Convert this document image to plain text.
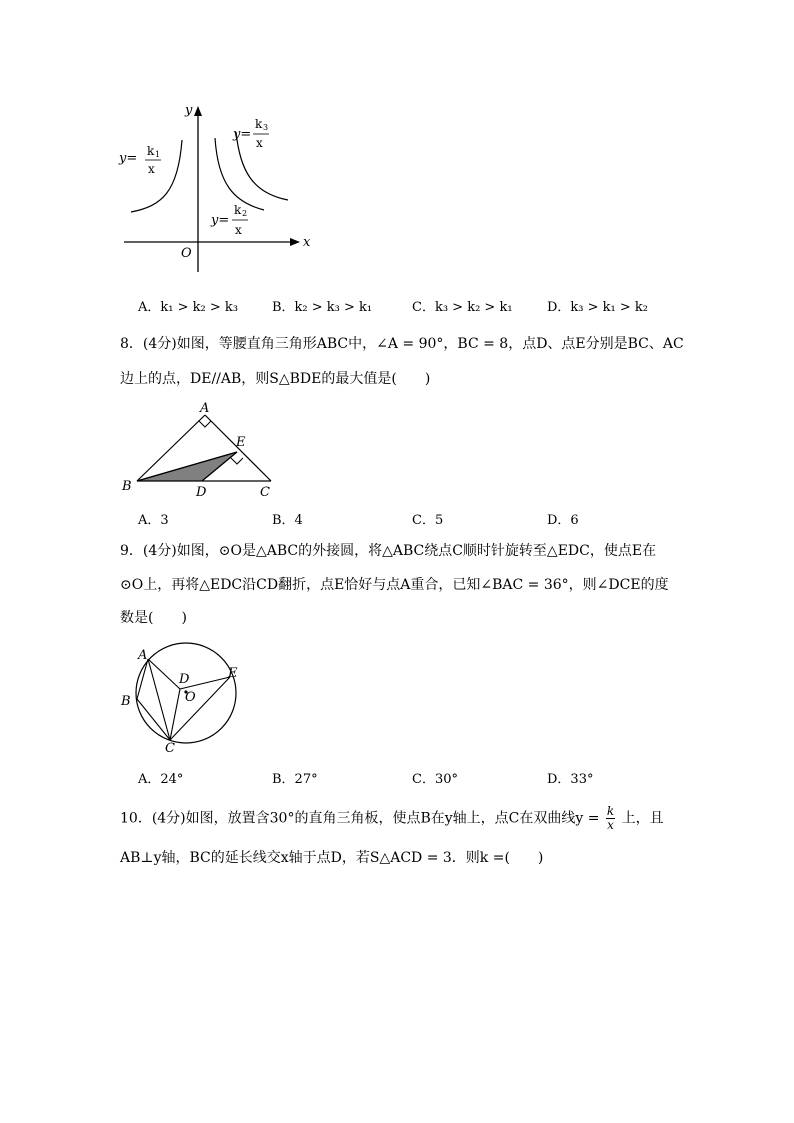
y
x
O
y= k 1
x
y=
k 3
x
y=
k 2
x
A．k₁ > k₂ > k₃	B．k₂ > k₃ > k₁	C．k₃ > k₂ > k₁	D．k₃ > k₁ > k₂
8．(4分)如图，等腰直角三角形ABC中，∠A = 90°，BC = 8，点D、点E分别是BC、AC
边上的点，DE//AB，则S△BDE的最大值是(　　)
A
B	C
D
E
A．3	B．4	C．5	D．6
9．(4分)如图，⊙O是△ABC的外接圆，将△ABC绕点C顺时针旋转至△EDC，使点E在
⊙O上，再将△EDC沿CD翻折，点E恰好与点A重合，已知∠BAC = 36°，则∠DCE的度
数是(　　)
A
B
C
D	E
O
A．24°	B．27°	C．30°	D．33°
10．(4分)如图，放置含30°的直角三角板，使点B在y轴上，点C在双曲线$y = \frac{k}{x}$ 上，且
AB⊥y轴，BC的延长线交x轴于点D，若S△ACD = 3．则k =(　　)
